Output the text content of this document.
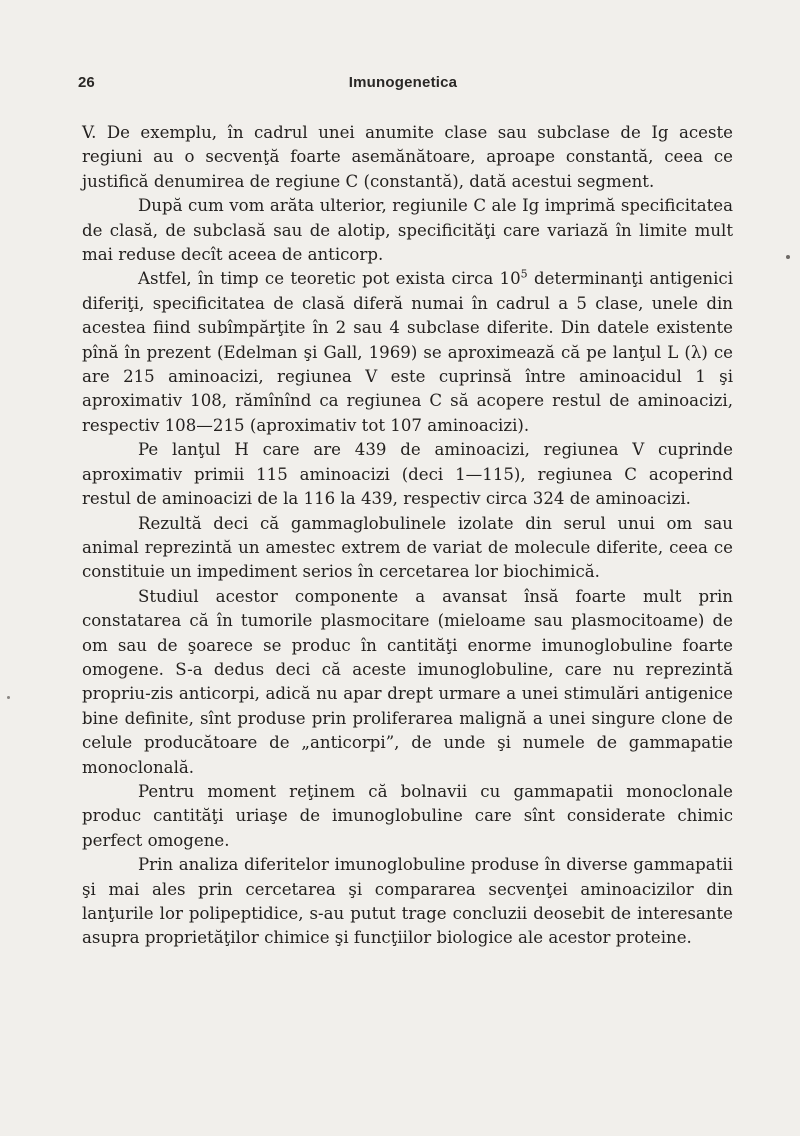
26	Imunogenetica

V. De exemplu, în cadrul unei anumite clase sau subclase de Ig aceste regiuni au o secvenţă foarte asemănătoare, aproape constantă, ceea ce justifică denumirea de regiune C (constantă), dată acestui segment.

După cum vom arăta ulterior, regiunile C ale Ig imprimă specificitatea de clasă, de subclasă sau de alotip, specificităţi care variază în limite mult mai reduse decît aceea de anticorp.

Astfel, în timp ce teoretic pot exista circa $10^5$ determinanţi antigenici diferiţi, specificitatea de clasă diferă numai în cadrul a 5 clase, unele din acestea fiind subîmpărţite în 2 sau 4 subclase diferite. Din datele existente pînă în prezent (Edelman şi Gall, 1969) se aproximează că pe lanţul L (λ) ce are 215 aminoacizi, regiunea V este cuprinsă între aminoacidul 1 şi aproximativ 108, rămînînd ca regiunea C să acopere restul de aminoacizi, respectiv 108—215 (aproximativ tot 107 aminoacizi).

Pe lanţul H care are 439 de aminoacizi, regiunea V cuprinde aproximativ primii 115 aminoacizi (deci 1—115), regiunea C acoperind restul de aminoacizi de la 116 la 439, respectiv circa 324 de aminoacizi.

Rezultă deci că gammaglobulinele izolate din serul unui om sau animal reprezintă un amestec extrem de variat de molecule diferite, ceea ce constituie un impediment serios în cercetarea lor biochimică.

Studiul acestor componente a avansat însă foarte mult prin constatarea că în tumorile plasmocitare (mieloame sau plasmocitoame) de om sau de şoarece se produc în cantităţi enorme imunoglobuline foarte omogene. S-a dedus deci că aceste imunoglobuline, care nu reprezintă propriu-zis anticorpi, adică nu apar drept urmare a unei stimulări antigenice bine definite, sînt produse prin proliferarea malignă a unei singure clone de celule producătoare de „anticorpi”, de unde şi numele de gammapatie monoclonală.

Pentru moment reţinem că bolnavii cu gammapatii monoclonale produc cantităţi uriaşe de imunoglobuline care sînt considerate chimic perfect omogene.

Prin analiza diferitelor imunoglobuline produse în diverse gammapatii şi mai ales prin cercetarea şi compararea secvenţei aminoacizilor din lanţurile lor polipeptidice, s-au putut trage concluzii deosebit de interesante asupra proprietăţilor chimice şi funcţiilor biologice ale acestor proteine.
